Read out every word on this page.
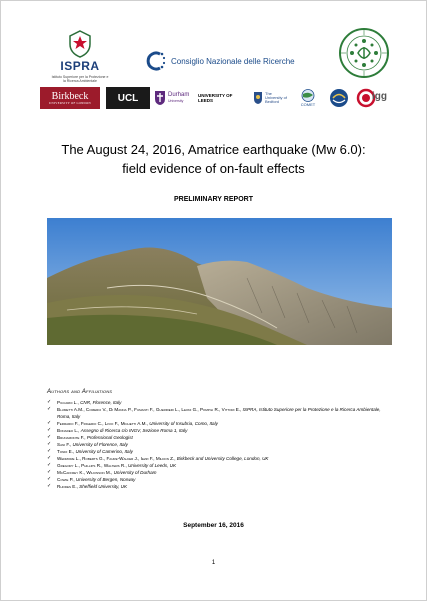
ISPRA
Istituto Superiore per la Protezione e la Ricerca Ambientale
Consiglio Nazionale delle Ricerche
Birkbeck
UNIVERSITY OF LONDON	UCL	Durham
University
UNIVERSITY OF LEEDS
The University of Bedford
COMET
igg
The August 24, 2016, Amatrice earthquake (Mw 6.0):
field evidence of on-fault effects
PRELIMINARY REPORT
Authors and Affiliations
✓ Piccardi L., CNR, Florence, Italy
✓ Blumetti A.M., Comerci V., Di Manna P., Fumanti F., Guerrieri L., Leoni G., Pompili R., Vittori E., ISPRA, Istituto Superiore per la Protezione e la Ricerca Ambientale, Roma, Italy
✓ Ferrario F., Frigerio C., Livio F., Michetti A.M., University of Insubria, Como, Italy
✓ Bonadeo L., Assegno di Ricerca c/o INGV, Sezione Roma 1, Italy
✓ Brunamonte F., Professional Geologist
✓ Sani F., University of Florence, Italy
✓ Tondi E., University of Camerino, Italy
✓ Wedmore L., Roberts G., Faure-Walker J., Iezzi F., Mildon Z., Birkbeck and University College, London, UK
✓ Gregory L., Phillips R., Walters R., University of Leeds, UK
✓ McCaffrey K., Wilkinson M., University of Durham
✓ Cowie P., University of Bergen, Norway
✓ Rhodes E., Sheffield University, UK
September 16, 2016
1
